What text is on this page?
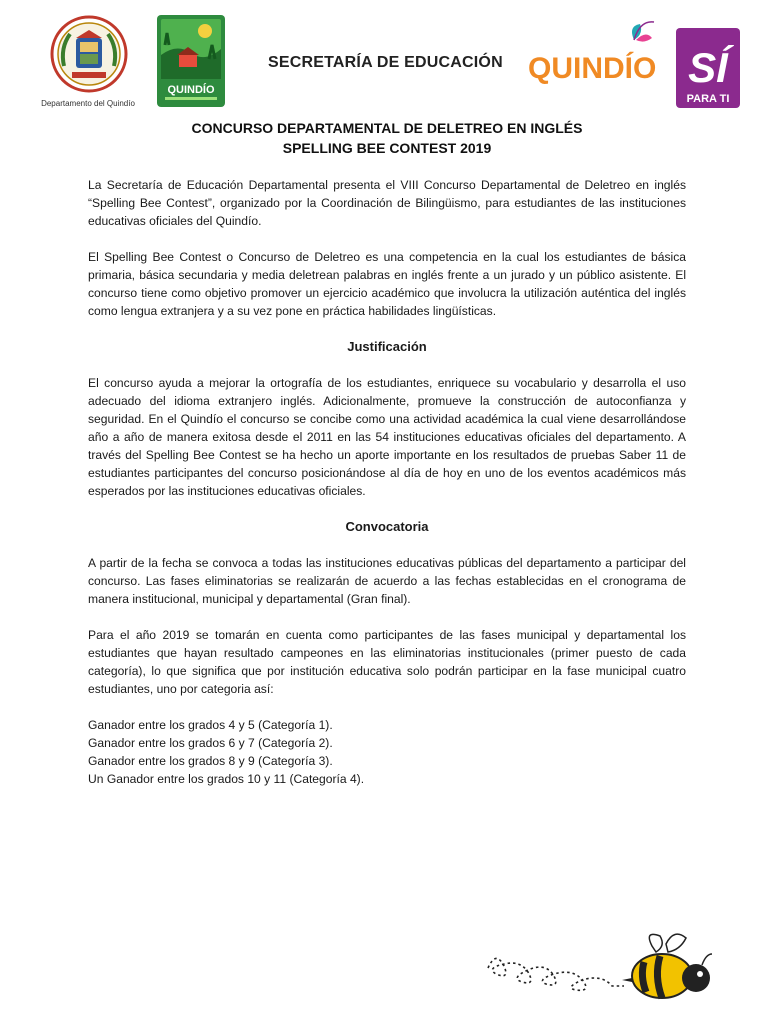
Departamento del Quindío
QUINDÍO
SECRETARÍA DE EDUCACIÓN QUINDÍO SÍ
PARA TI
CONCURSO DEPARTAMENTAL DE DELETREO EN INGLÉS
SPELLING BEE CONTEST 2019

La Secretaría de Educación Departamental presenta el VIII Concurso Departamental de Deletreo en inglés “Spelling Bee Contest”, organizado por la Coordinación de Bilingüismo, para estudiantes de las instituciones educativas oficiales del Quindío.

El Spelling Bee Contest o Concurso de Deletreo es una competencia en la cual los estudiantes de básica primaria, básica secundaria y media deletrean palabras en inglés frente a un jurado y un público asistente. El concurso tiene como objetivo promover un ejercicio académico que involucra la utilización auténtica del inglés como lengua extranjera y a su vez pone en práctica habilidades lingüísticas.

Justificación

El concurso ayuda a mejorar la ortografía de los estudiantes, enriquece su vocabulario y desarrolla el uso adecuado del idioma extranjero inglés. Adicionalmente, promueve la construcción de autoconfianza y seguridad. En el Quindío el concurso se concibe como una actividad académica la cual viene desarrollándose año a año de manera exitosa desde el 2011 en las 54 instituciones educativas oficiales del departamento. A través del Spelling Bee Contest se ha hecho un aporte importante en los resultados de pruebas Saber 11 de estudiantes participantes del concurso posicionándose al día de hoy en uno de los eventos académicos más esperados por las instituciones educativas oficiales.

Convocatoria

A partir de la fecha se convoca a todas las instituciones educativas públicas del departamento a participar del concurso. Las fases eliminatorias se realizarán de acuerdo a las fechas establecidas en el cronograma de manera institucional, municipal y departamental (Gran final).

Para el año 2019 se tomarán en cuenta como participantes de las fases municipal y departamental los estudiantes que hayan resultado campeones en las eliminatorias institucionales (primer puesto de cada categoría), lo que significa que por institución educativa solo podrán participar en la fase municipal cuatro estudiantes, uno por categoria así:

Ganador entre los grados 4 y 5 (Categoría 1).

Ganador entre los grados 6 y 7 (Categoría 2).

Ganador entre los grados 8 y 9 (Categoría 3).

Un Ganador entre los grados 10 y 11 (Categoría 4).
